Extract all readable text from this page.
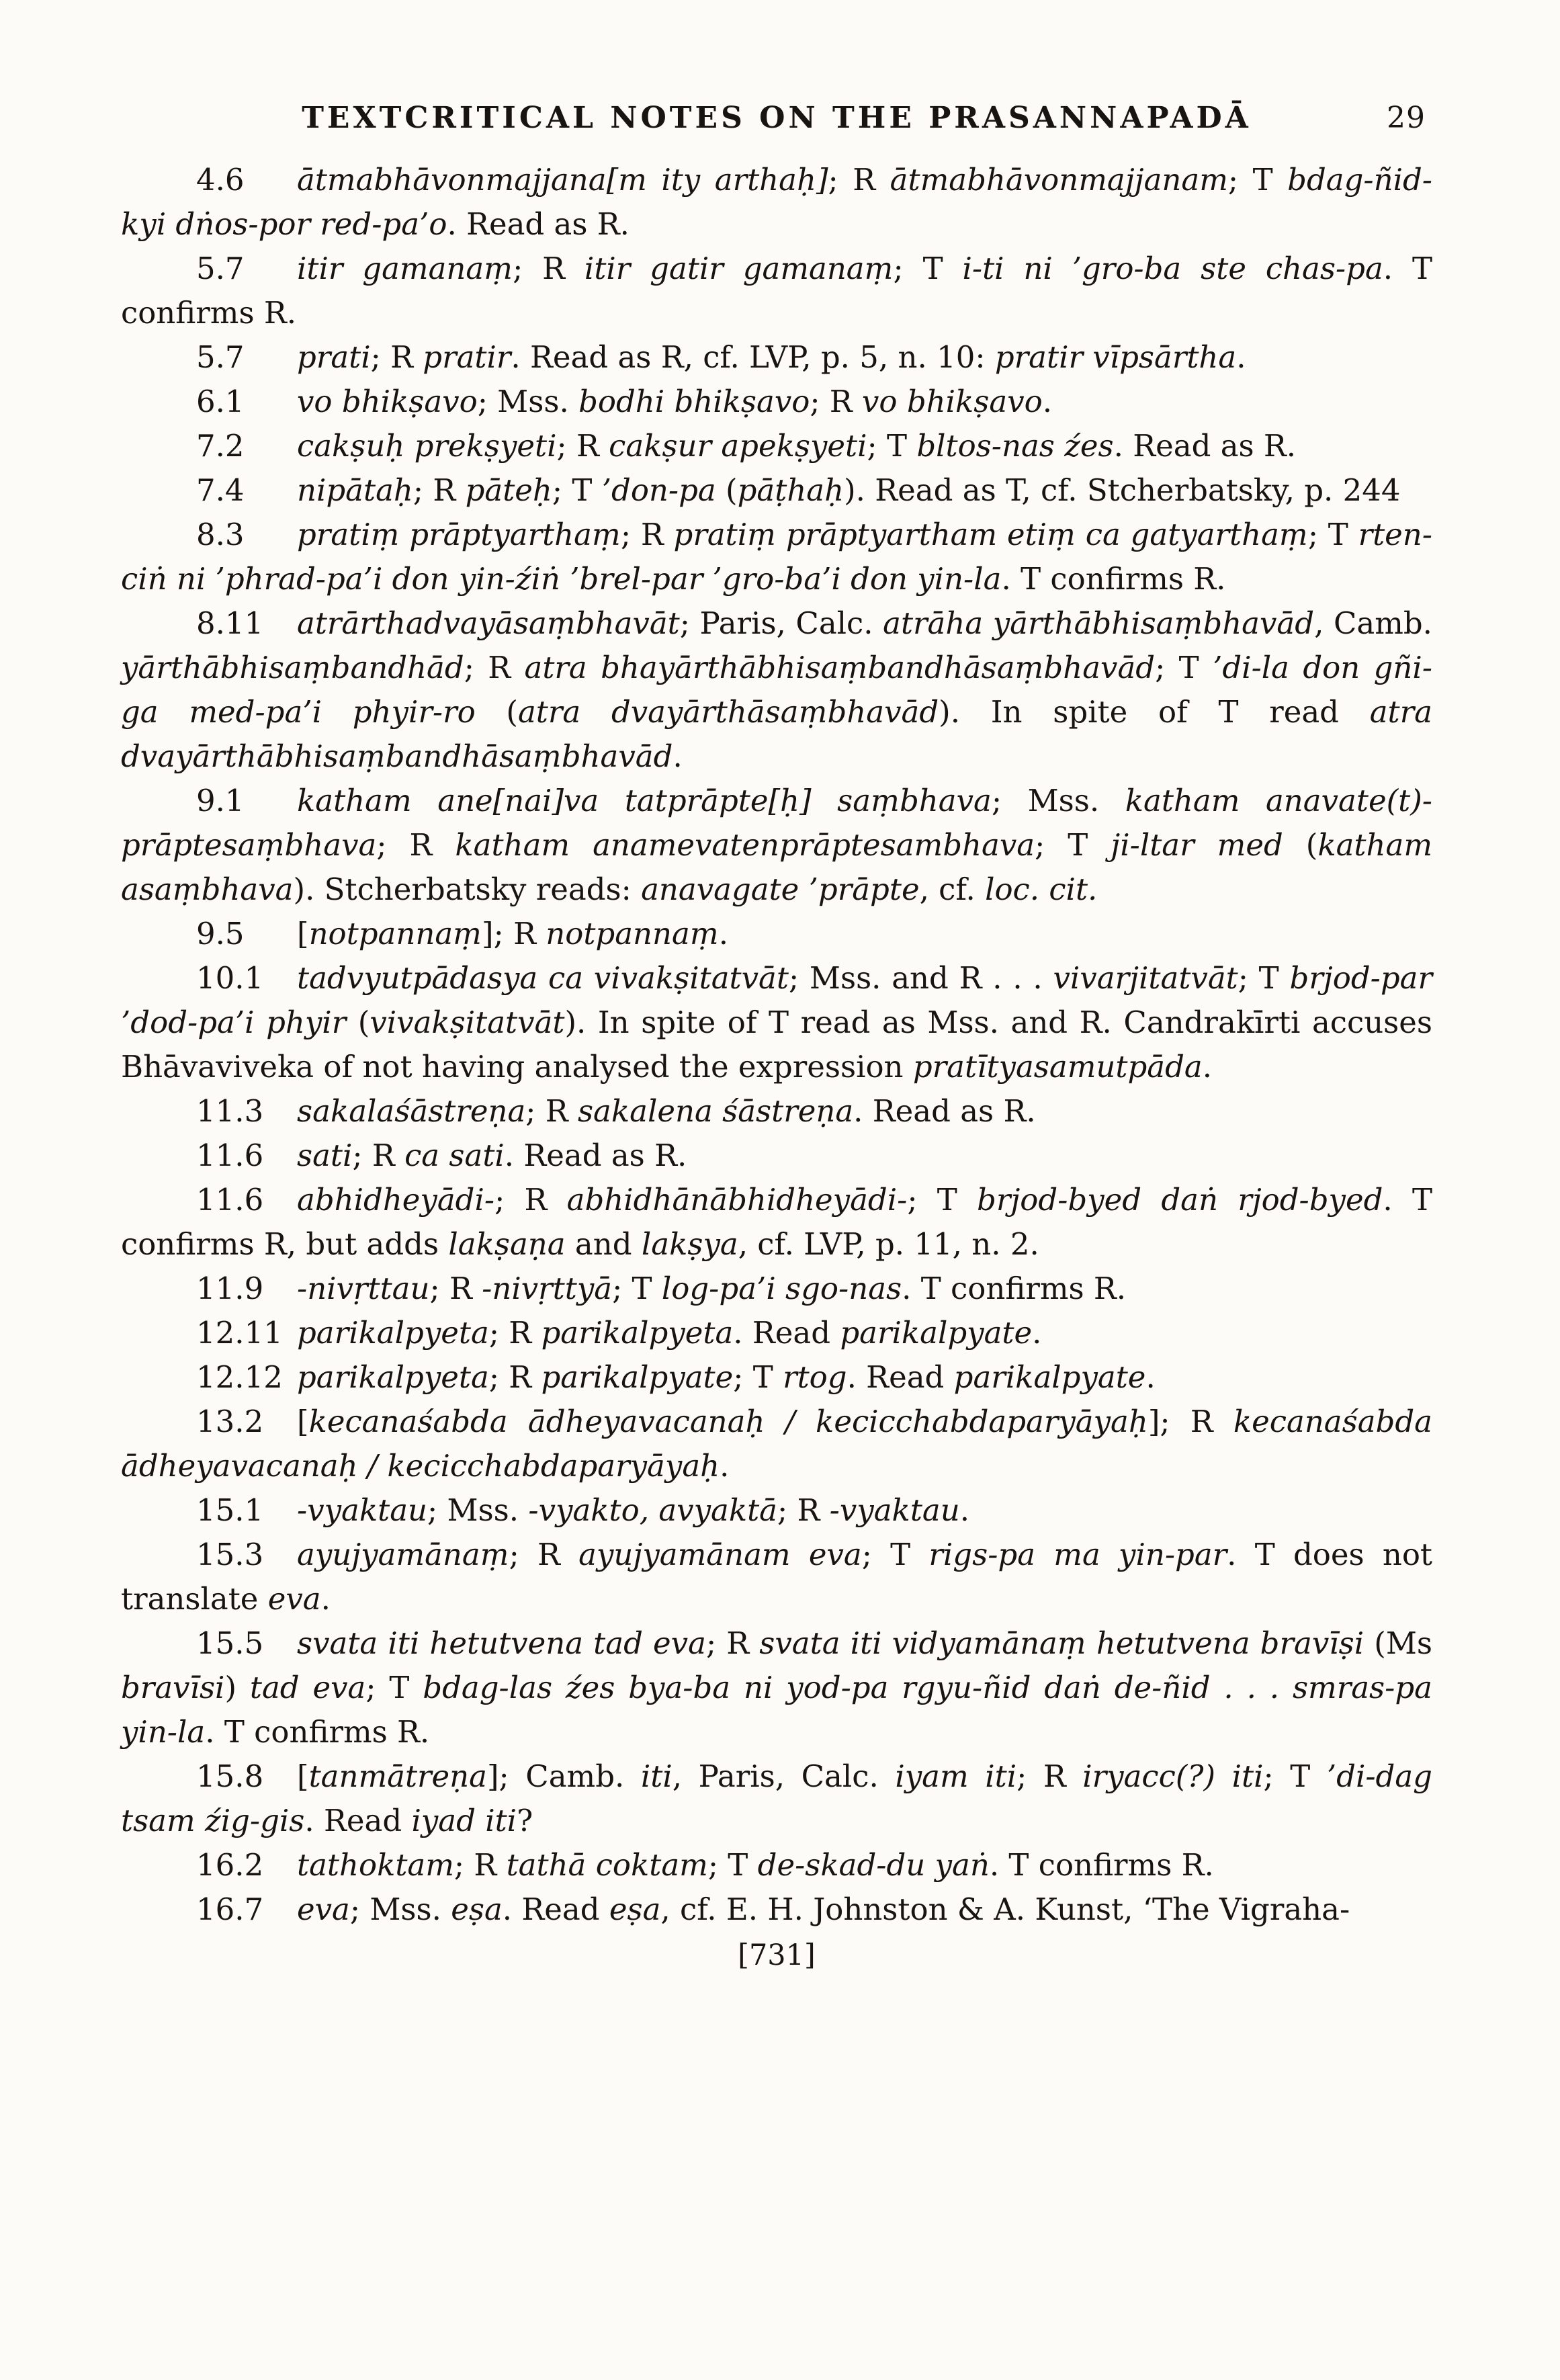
TEXTCRITICAL NOTES ON THE PRASANNAPADĀ	29

4.6 ātmabhāvonmajjana[m ity arthaḥ]; R ātmabhāvonmajjanam; T bdag-ñid-kyi dṅos-por red-pa’o. Read as R.

5.7 itir gamanaṃ; R itir gatir gamanaṃ; T i-ti ni ’gro-ba ste chas-pa. T confirms R.

5.7 prati; R pratir. Read as R, cf. LVP, p. 5, n. 10: pratir vīpsārtha.

6.1 vo bhikṣavo; Mss. bodhi bhikṣavo; R vo bhikṣavo.

7.2 cakṣuḥ prekṣyeti; R cakṣur apekṣyeti; T bltos-nas źes. Read as R.

7.4 nipātaḥ; R pāteḥ; T ’don-pa (pāṭhaḥ). Read as T, cf. Stcherbatsky, p. 244

8.3 pratiṃ prāptyarthaṃ; R pratiṃ prāptyartham etiṃ ca gatyarthaṃ; T rten-ciṅ ni ’phrad-pa’i don yin-źiṅ ’brel-par ’gro-ba’i don yin-la. T confirms R.

8.11 atrārthadvayāsaṃbhavāt; Paris, Calc. atrāha yārthābhisaṃbhavād, Camb. yārthābhisaṃbandhād; R atra bhayārthābhisaṃbandhāsaṃbhavād; T ’di-la don gñi-ga med-pa’i phyir-ro (atra dvayārthāsaṃbhavād). In spite of T read atra dvayārthābhisaṃbandhāsaṃbhavād.

9.1 katham ane[nai]va tatprāpte[ḥ] saṃbhava; Mss. katham anavate(t)-prāptesaṃbhava; R katham anamevatenprāptesambhava; T ji-ltar med (katham asaṃbhava). Stcherbatsky reads: anavagate ’prāpte, cf. loc. cit.

9.5 [notpannaṃ]; R notpannaṃ.

10.1 tadvyutpādasya ca vivakṣitatvāt; Mss. and R . . . vivarjitatvāt; T brjod-par ’dod-pa’i phyir (vivakṣitatvāt). In spite of T read as Mss. and R. Candrakīrti accuses Bhāvaviveka of not having analysed the expression pratītyasamutpāda.

11.3 sakalaśāstreṇa; R sakalena śāstreṇa. Read as R.

11.6 sati; R ca sati. Read as R.

11.6 abhidheyādi-; R abhidhānābhidheyādi-; T brjod-byed daṅ rjod-byed. T confirms R, but adds lakṣaṇa and lakṣya, cf. LVP, p. 11, n. 2.

11.9 -nivṛttau; R -nivṛttyā; T log-pa’i sgo-nas. T confirms R.

12.11 parikalpyeta; R parikalpyeta. Read parikalpyate.

12.12 parikalpyeta; R parikalpyate; T rtog. Read parikalpyate.

13.2 [kecanaśabda ādheyavacanaḥ / kecicchabdaparyāyaḥ]; R kecanaśabda ādheyavacanaḥ / kecicchabdaparyāyaḥ.

15.1 -vyaktau; Mss. -vyakto, avyaktā; R -vyaktau.

15.3 ayujyamānaṃ; R ayujyamānam eva; T rigs-pa ma yin-par. T does not translate eva.

15.5 svata iti hetutvena tad eva; R svata iti vidyamānaṃ hetutvena bravīṣi (Ms bravīsi) tad eva; T bdag-las źes bya-ba ni yod-pa rgyu-ñid daṅ de-ñid . . . smras-pa yin-la. T confirms R.

15.8 [tanmātreṇa]; Camb. iti, Paris, Calc. iyam iti; R iryacc(?) iti; T ’di-dag tsam źig-gis. Read iyad iti?

16.2 tathoktam; R tathā coktam; T de-skad-du yaṅ. T confirms R.

16.7 eva; Mss. eṣa. Read eṣa, cf. E. H. Johnston & A. Kunst, ‘The Vigraha-

[731]
